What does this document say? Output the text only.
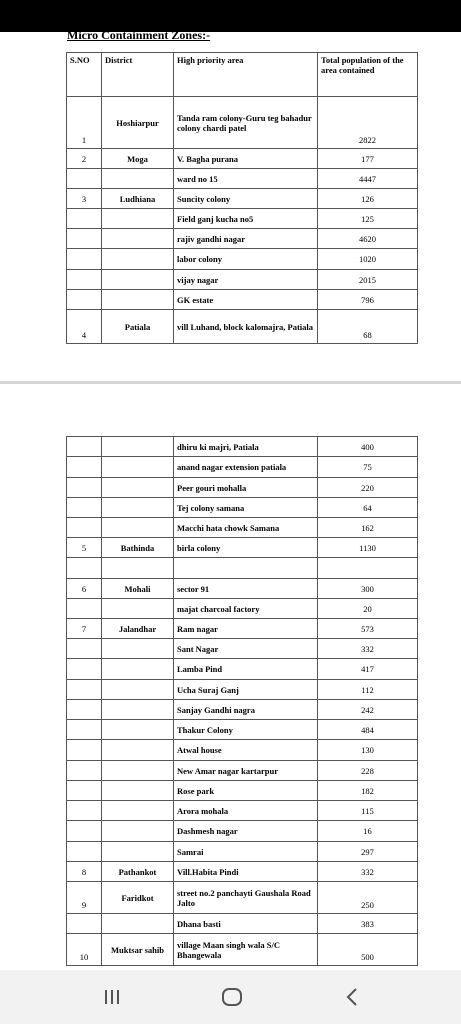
Micro Containment Zones:-
S.NO	District	High priority area	Total population of the area contained
1	Hoshiarpur	Tanda ram colony-Guru teg bahadur colony chardi patel	2822
2	Moga	V. Bagha purana	177
		ward no 15	4447
3	Ludhiana	Suncity colony	126
		Field ganj kucha no5	125
		rajiv gandhi nagar	4620
		labor colony	1020
		vijay nagar	2015
		GK estate	796
4	Patiala	vill Luhand, block kalomajra, Patiala	68
		dhiru ki majri, Patiala	400
		anand nagar extension patiala	75
		Peer gouri mohalla	220
		Tej colony samana	64
		Macchi hata chowk Samana	162
5	Bathinda	birla colony	1130

6	Mohali	sector 91	300
		majat charcoal factory	20
7	Jalandhar	Ram nagar	573
		Sant Nagar	332
		Lamba Pind	417
		Ucha Suraj Ganj	112
		Sanjay Gandhi nagra	242
		Thakur Colony	484
		Atwal house	130
		New Amar nagar kartarpur	228
		Rose park	182
		Arora mohala	115
		Dashmesh nagar	16
		Samrai	297
8	Pathankot	Vill.Habita Pindi	332
9	Faridkot	street no.2 panchayti Gaushala Road Jalto	250
		Dhana basti	383
10	Muktsar sahib	village Maan singh wala S/C Bhangewala	500
